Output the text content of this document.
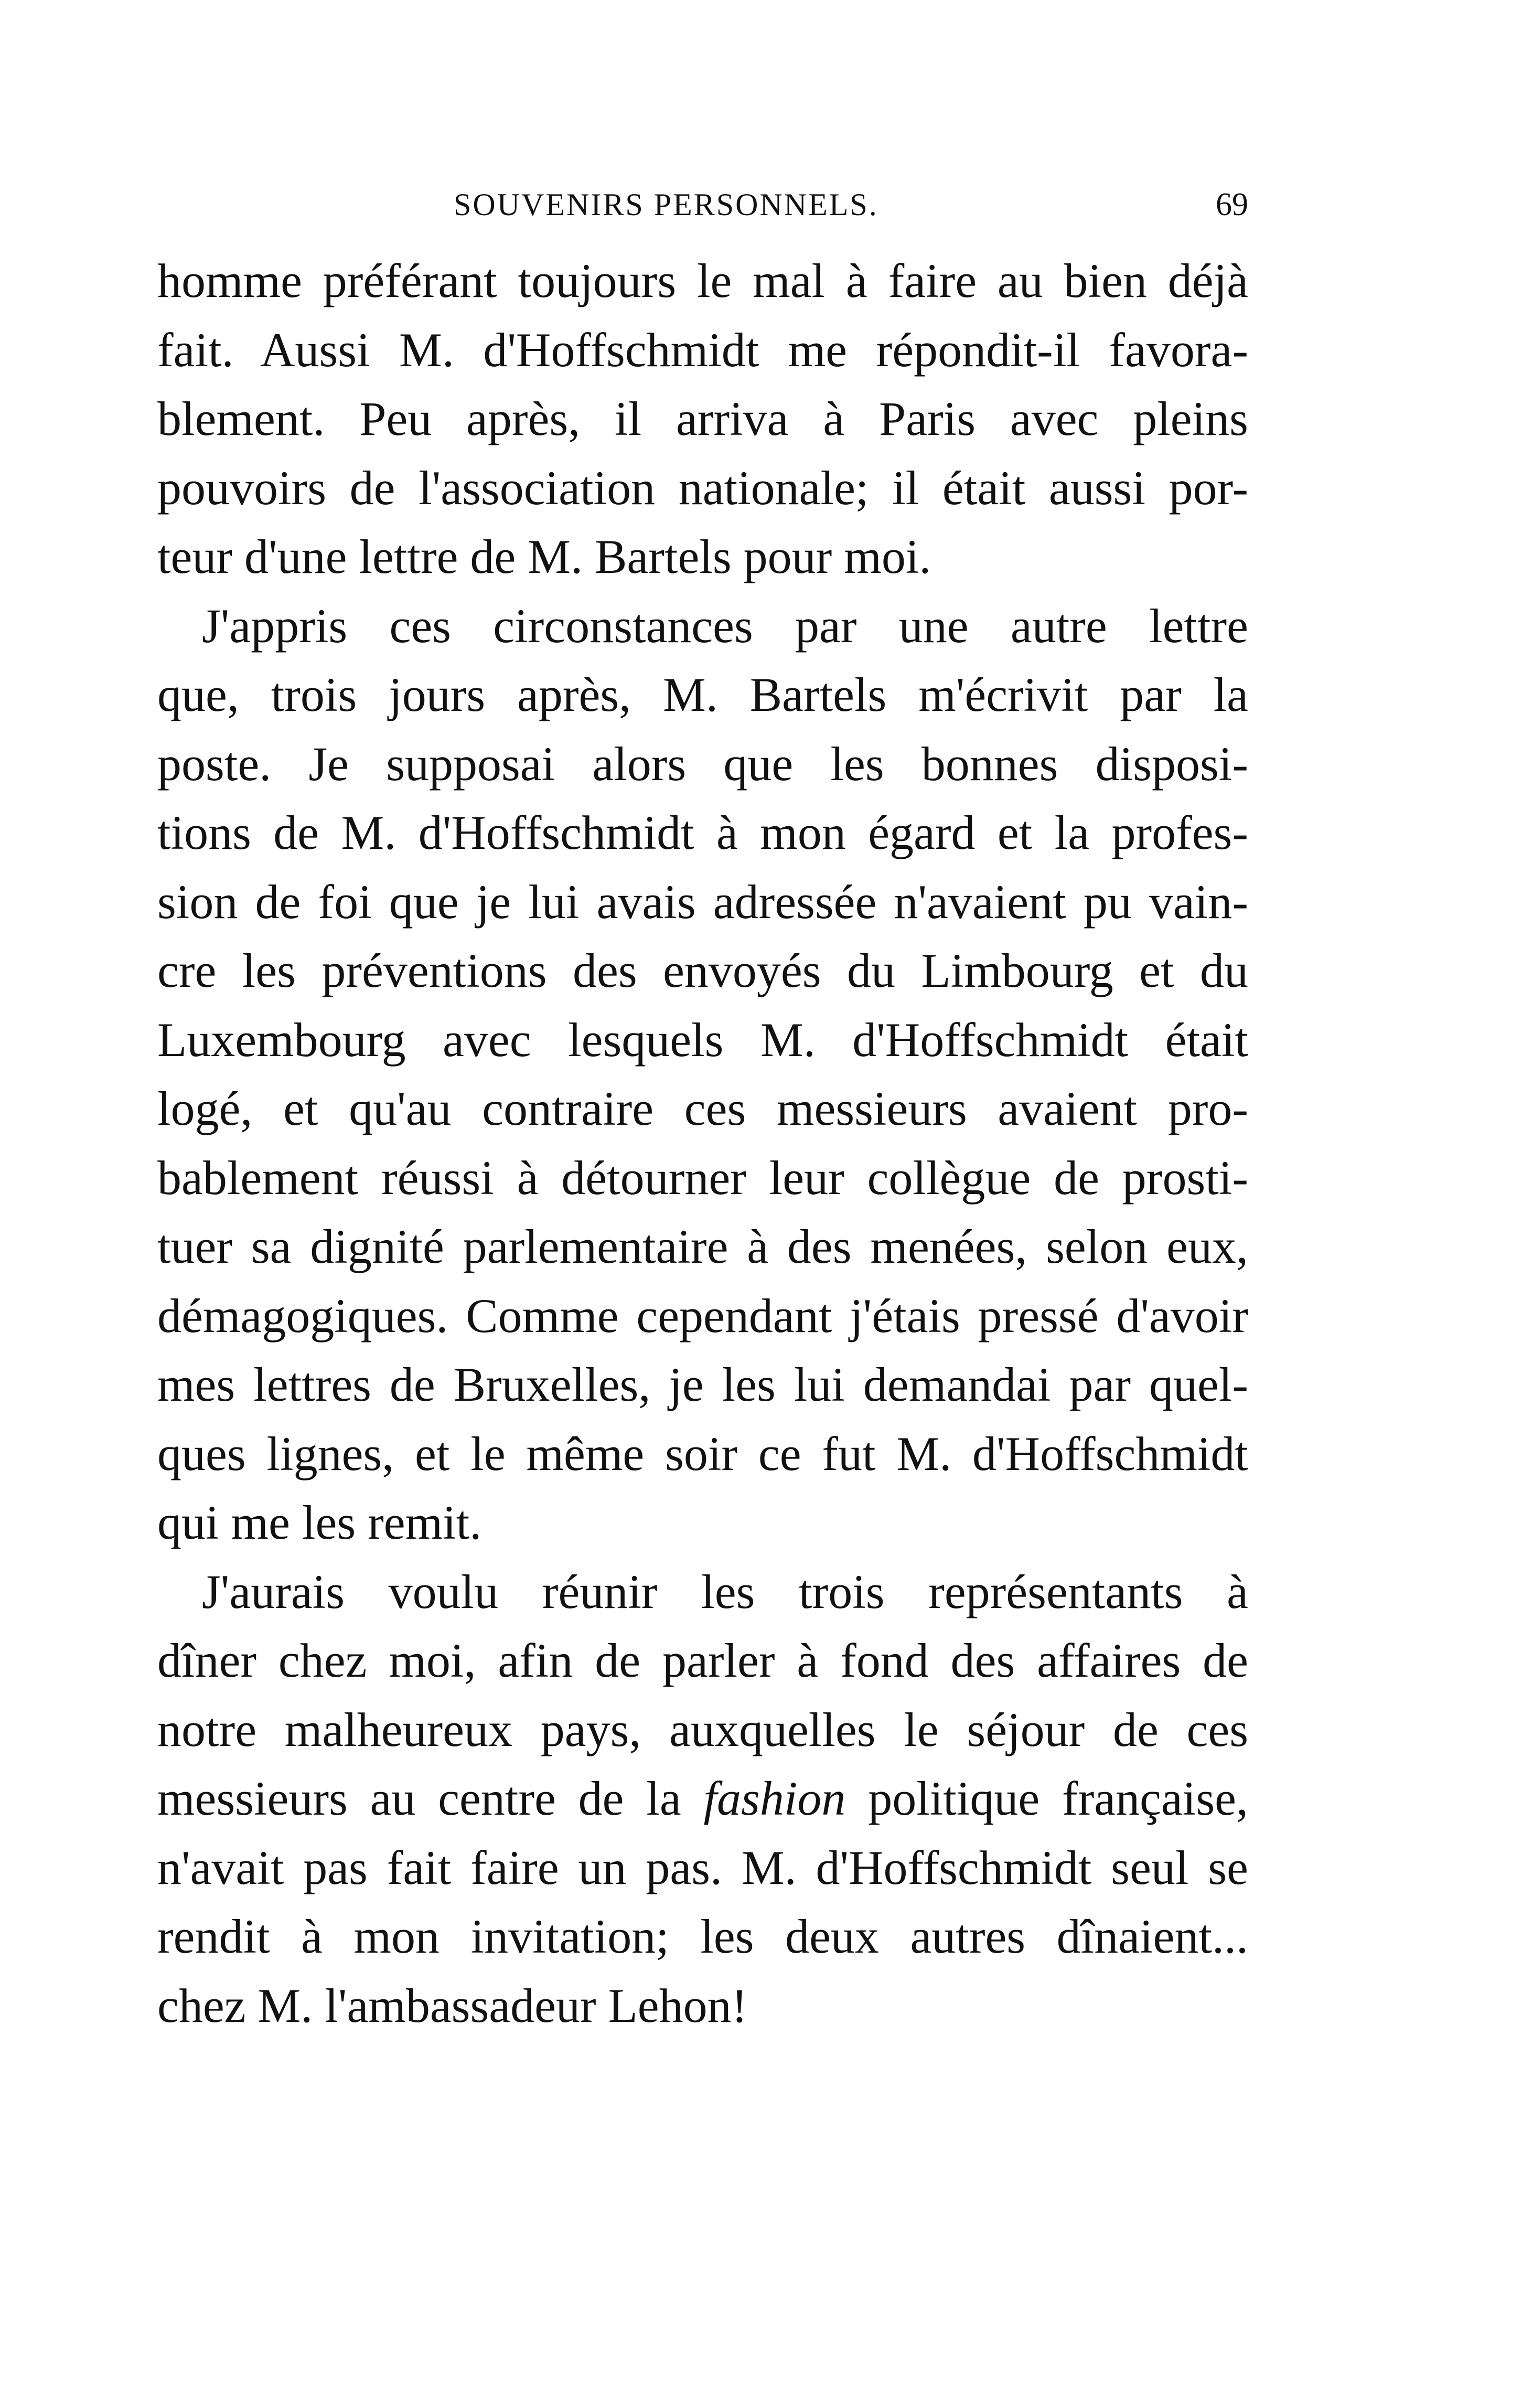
SOUVENIRS PERSONNELS.	69
homme préférant toujours le mal à faire au bien déjà
fait. Aussi M. d'Hoffschmidt me répondit-il favora-
blement. Peu après, il arriva à Paris avec pleins
pouvoirs de l'association nationale; il était aussi por-
teur d'une lettre de M. Bartels pour moi.
J'appris ces circonstances par une autre lettre
que, trois jours après, M. Bartels m'écrivit par la
poste. Je supposai alors que les bonnes disposi-
tions de M. d'Hoffschmidt à mon égard et la profes-
sion de foi que je lui avais adressée n'avaient pu vain-
cre les préventions des envoyés du Limbourg et du
Luxembourg avec lesquels M. d'Hoffschmidt était
logé, et qu'au contraire ces messieurs avaient pro-
bablement réussi à détourner leur collègue de prosti-
tuer sa dignité parlementaire à des menées, selon eux,
démagogiques. Comme cependant j'étais pressé d'avoir
mes lettres de Bruxelles, je les lui demandai par quel-
ques lignes, et le même soir ce fut M. d'Hoffschmidt
qui me les remit.
J'aurais voulu réunir les trois représentants à
dîner chez moi, afin de parler à fond des affaires de
notre malheureux pays, auxquelles le séjour de ces
messieurs au centre de la fashion politique française,
n'avait pas fait faire un pas. M. d'Hoffschmidt seul se
rendit à mon invitation; les deux autres dînaient...
chez M. l'ambassadeur Lehon!
